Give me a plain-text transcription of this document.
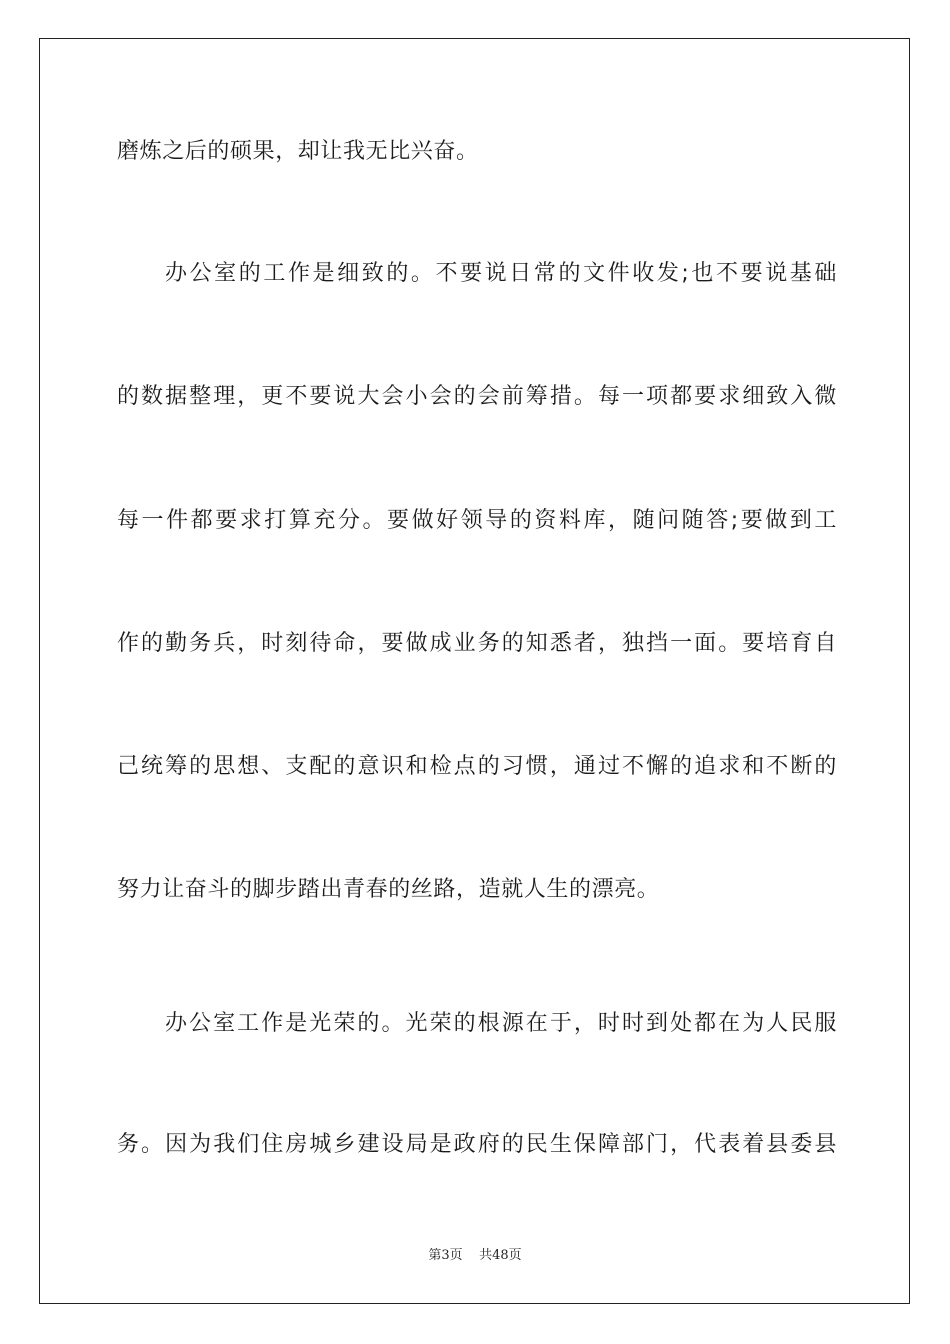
磨炼之后的硕果，却让我无比兴奋。
办公室的工作是细致的。不要说日常的文件收发;也不要说基础
的数据整理，更不要说大会小会的会前筹措。每一项都要求细致入微
每一件都要求打算充分。要做好领导的资料库，随问随答;要做到工
作的勤务兵，时刻待命，要做成业务的知悉者，独挡一面。要培育自
己统筹的思想、支配的意识和检点的习惯，通过不懈的追求和不断的
努力让奋斗的脚步踏出青春的丝路，造就人生的漂亮。
办公室工作是光荣的。光荣的根源在于，时时到处都在为人民服
务。因为我们住房城乡建设局是政府的民生保障部门，代表着县委县
第3页 共48页
